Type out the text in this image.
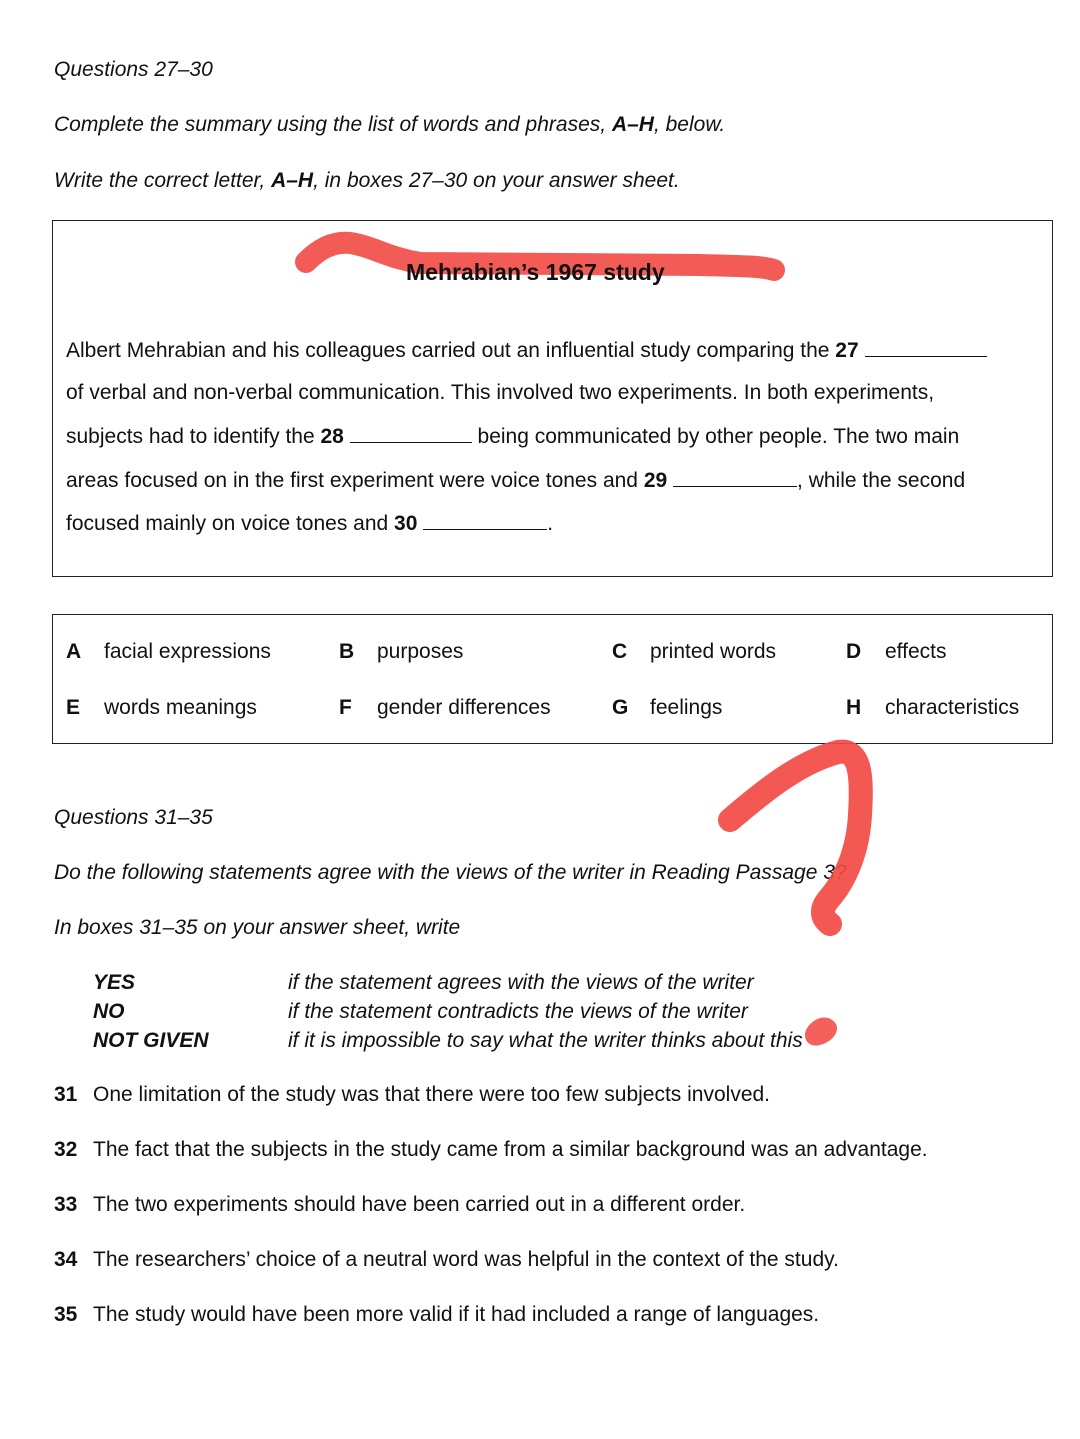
Questions 27–30
Complete the summary using the list of words and phrases, A–H, below.
Write the correct letter, A–H, in boxes 27–30 on your answer sheet.
Mehrabian’s 1967 study
Albert Mehrabian and his colleagues carried out an influential study comparing the 27
of verbal and non-verbal communication. This involved two experiments. In both experiments,
subjects had to identify the 28	being communicated by other people. The two main
areas focused on in the first experiment were voice tones and 29	, while the second
focused mainly on voice tones and 30	.
A facial expressions	B purposes	C printed words	D effects
E words meanings	F gender differences	G feelings	H characteristics
Questions 31–35
Do the following statements agree with the views of the writer in Reading Passage 3?
In boxes 31–35 on your answer sheet, write
YES	if the statement agrees with the views of the writer
NO	if the statement contradicts the views of the writer
NOT GIVEN	if it is impossible to say what the writer thinks about this
31 One limitation of the study was that there were too few subjects involved.
32 The fact that the subjects in the study came from a similar background was an advantage.
33 The two experiments should have been carried out in a different order.
34 The researchers’ choice of a neutral word was helpful in the context of the study.
35 The study would have been more valid if it had included a range of languages.
